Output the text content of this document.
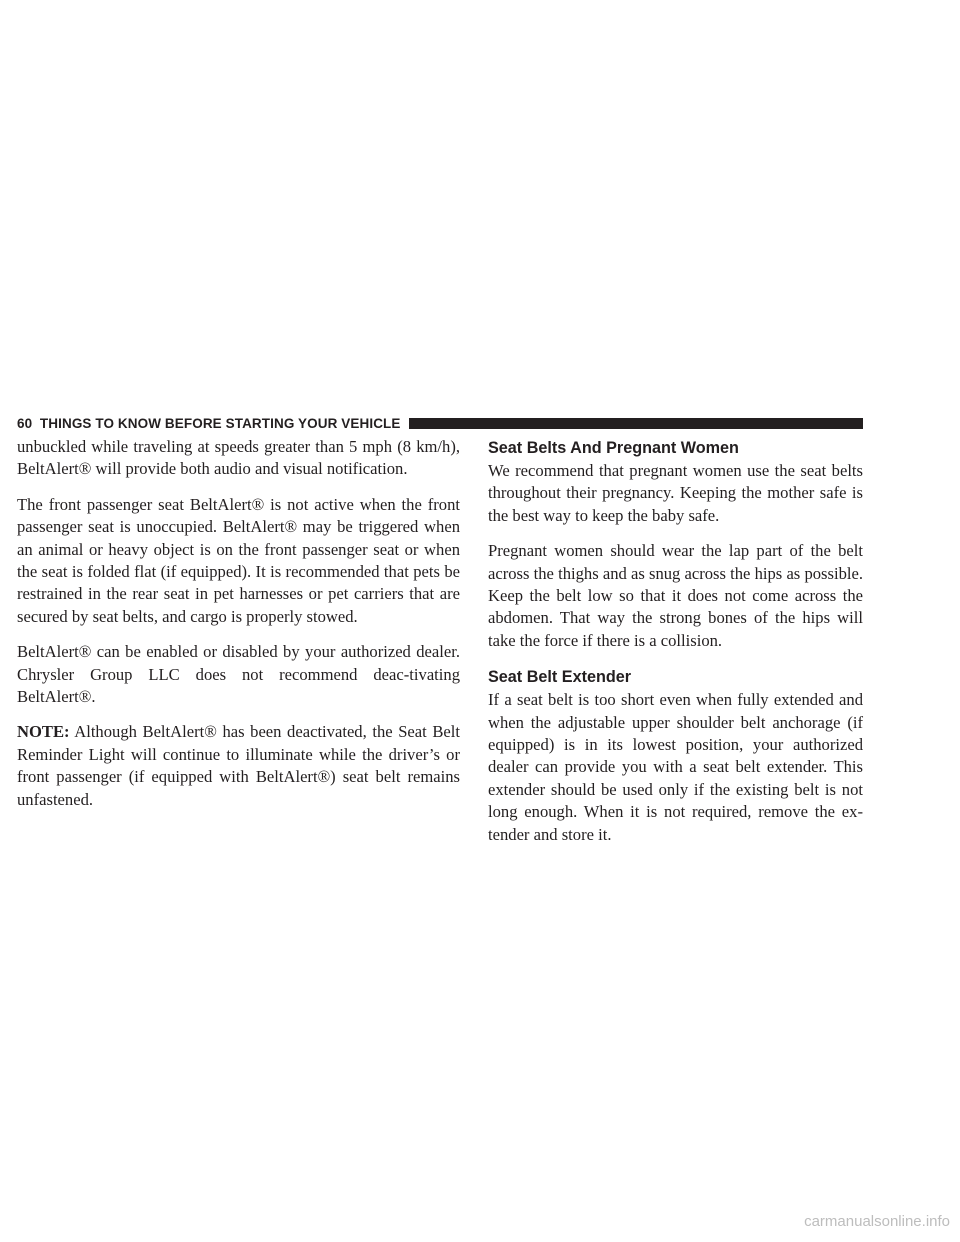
60 THINGS TO KNOW BEFORE STARTING YOUR VEHICLE

unbuckled while traveling at speeds greater than 5 mph (8 km/h), BeltAlert® will provide both audio and visual notification.

The front passenger seat BeltAlert® is not active when the front passenger seat is unoccupied. BeltAlert® may be triggered when an animal or heavy object is on the front passenger seat or when the seat is folded flat (if equipped). It is recommended that pets be restrained in the rear seat in pet harnesses or pet carriers that are secured by seat belts, and cargo is properly stowed.

BeltAlert® can be enabled or disabled by your authorized dealer. Chrysler Group LLC does not recommend deac-tivating BeltAlert®.

NOTE: Although BeltAlert® has been deactivated, the Seat Belt Reminder Light will continue to illuminate while the driver’s or front passenger (if equipped with BeltAlert®) seat belt remains unfastened.

Seat Belts And Pregnant Women

We recommend that pregnant women use the seat belts throughout their pregnancy. Keeping the mother safe is the best way to keep the baby safe.

Pregnant women should wear the lap part of the belt across the thighs and as snug across the hips as possible. Keep the belt low so that it does not come across the abdomen. That way the strong bones of the hips will take the force if there is a collision.

Seat Belt Extender

If a seat belt is too short even when fully extended and when the adjustable upper shoulder belt anchorage (if equipped) is in its lowest position, your authorized dealer can provide you with a seat belt extender. This extender should be used only if the existing belt is not long enough. When it is not required, remove the ex-tender and store it.

carmanualsonline.info
